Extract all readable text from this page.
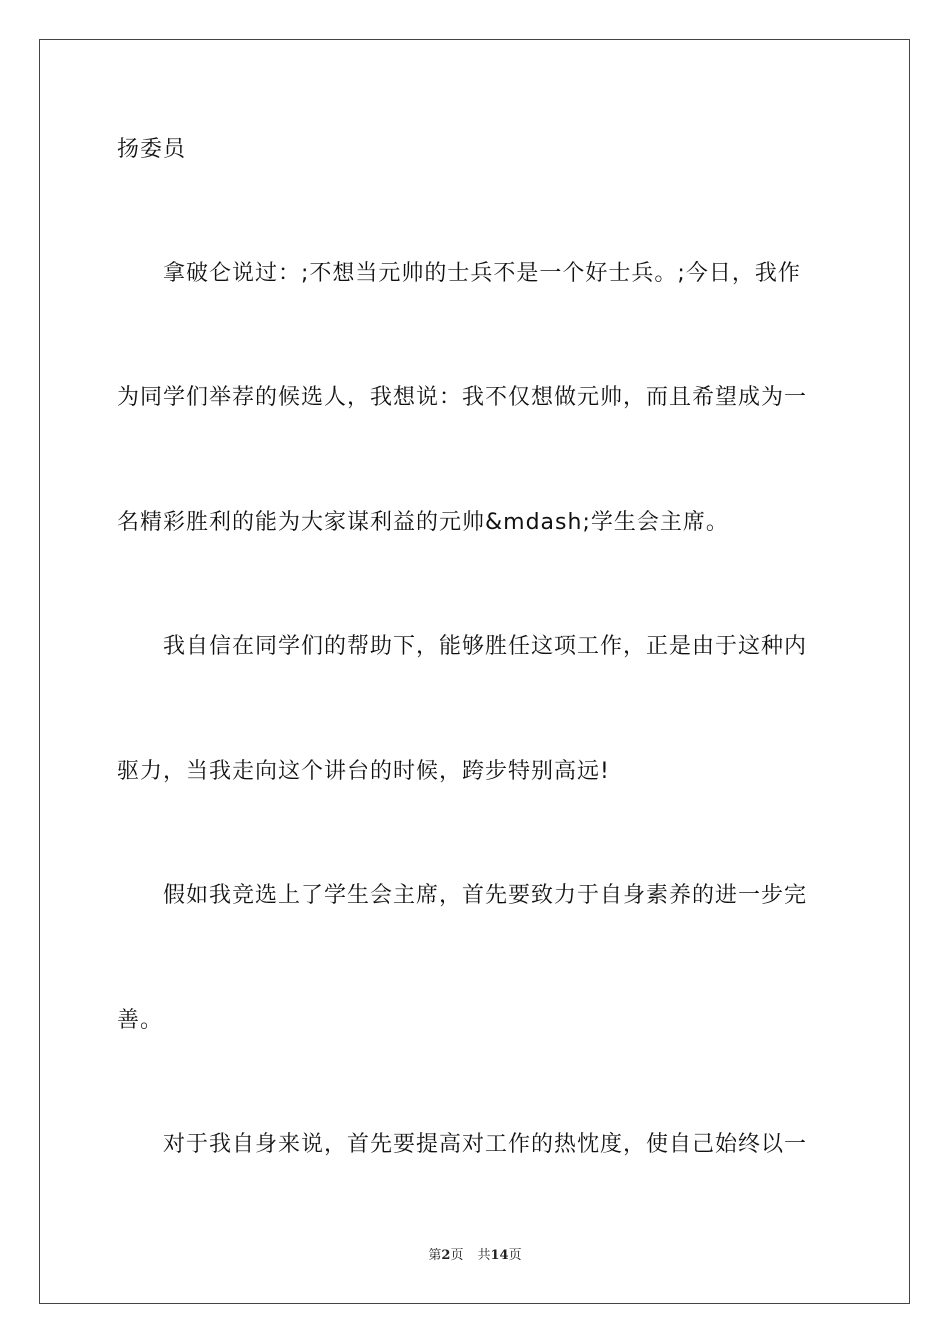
扬委员
拿破仑说过：;不想当元帅的士兵不是一个好士兵。;今日，我作
为同学们举荐的候选人，我想说：我不仅想做元帅，而且希望成为一
名精彩胜利的能为大家谋利益的元帅&mdash;学生会主席。
我自信在同学们的帮助下，能够胜任这项工作，正是由于这种内
驱力，当我走向这个讲台的时候，跨步特别高远!
假如我竞选上了学生会主席，首先要致力于自身素养的进一步完
善。
对于我自身来说，首先要提高对工作的热忱度，使自己始终以一
第2页 共14页
